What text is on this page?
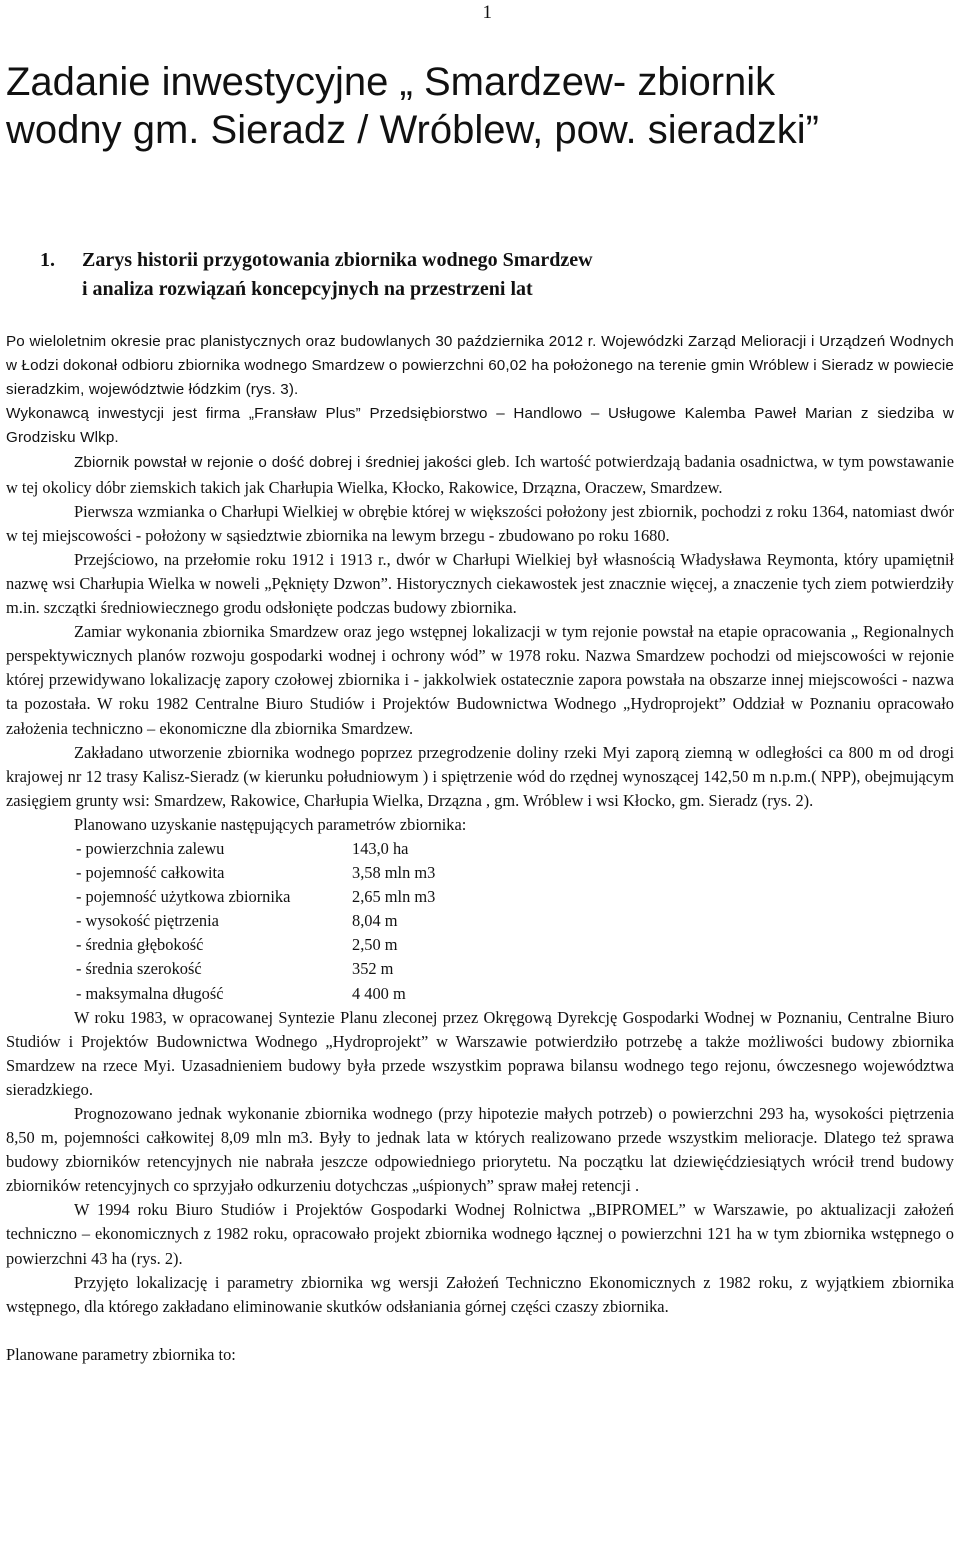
1
Zadanie inwestycyjne „ Smardzew- zbiornik
wodny gm. Sieradz / Wróblew, pow. sieradzki”
1. Zarys historii przygotowania zbiornika wodnego Smardzew
i analiza rozwiązań koncepcyjnych na przestrzeni lat

Po wieloletnim okresie prac planistycznych oraz budowlanych 30 października 2012 r. Wojewódzki Zarząd Melioracji i Urządzeń Wodnych w Łodzi dokonał odbioru zbiornika wodnego Smardzew o powierzchni 60,02 ha położonego na terenie gmin Wróblew i Sieradz w powiecie sieradzkim, województwie łódzkim (rys. 3).

Wykonawcą inwestycji jest firma „Fransław Plus” Przedsiębiorstwo – Handlowo – Usługowe Kalemba Paweł Marian z siedziba w Grodzisku Wlkp.

Zbiornik powstał w rejonie o dość dobrej i średniej jakości gleb. Ich wartość potwierdzają badania osadnictwa, w tym powstawanie w tej okolicy dóbr ziemskich takich jak Charłupia Wielka, Kłocko, Rakowice, Drzązna, Oraczew, Smardzew.

Pierwsza wzmianka o Charłupi Wielkiej w obrębie której w większości położony jest zbiornik, pochodzi z roku 1364, natomiast dwór w tej miejscowości - położony w sąsiedztwie zbiornika na lewym brzegu - zbudowano po roku 1680.

Przejściowo, na przełomie roku 1912 i 1913 r., dwór w Charłupi Wielkiej był własnością Władysława Reymonta, który upamiętnił nazwę wsi Charłupia Wielka w noweli „Pęknięty Dzwon”. Historycznych ciekawostek jest znacznie więcej, a znaczenie tych ziem potwierdziły m.in. szczątki średniowiecznego grodu odsłonięte podczas budowy zbiornika.

Zamiar wykonania zbiornika Smardzew oraz jego wstępnej lokalizacji w tym rejonie powstał na etapie opracowania „ Regionalnych perspektywicznych planów rozwoju gospodarki wodnej i ochrony wód” w 1978 roku. Nazwa Smardzew pochodzi od miejscowości w rejonie której przewidywano lokalizację zapory czołowej zbiornika i - jakkolwiek ostatecznie zapora powstała na obszarze innej miejscowości - nazwa ta pozostała. W roku 1982 Centralne Biuro Studiów i Projektów Budownictwa Wodnego „Hydroprojekt” Oddział w Poznaniu opracowało założenia techniczno – ekonomiczne dla zbiornika Smardzew.

Zakładano utworzenie zbiornika wodnego poprzez przegrodzenie doliny rzeki Myi zaporą ziemną w odległości ca 800 m od drogi krajowej nr 12 trasy Kalisz-Sieradz (w kierunku południowym ) i spiętrzenie wód do rzędnej wynoszącej 142,50 m n.p.m.( NPP), obejmującym zasięgiem grunty wsi: Smardzew, Rakowice, Charłupia Wielka, Drzązna , gm. Wróblew i wsi Kłocko, gm. Sieradz (rys. 2).

Planowano uzyskanie następujących parametrów zbiornika:

- powierzchnia zalewu	143,0 ha
- pojemność całkowita	3,58 mln m3
- pojemność użytkowa zbiornika	2,65 mln m3
- wysokość piętrzenia	8,04 m
- średnia głębokość	2,50 m
- średnia szerokość	352 m
- maksymalna długość	4 400 m

W roku 1983, w opracowanej Syntezie Planu zleconej przez Okręgową Dyrekcję Gospodarki Wodnej w Poznaniu, Centralne Biuro Studiów i Projektów Budownictwa Wodnego „Hydroprojekt” w Warszawie potwierdziło potrzebę a także możliwości budowy zbiornika Smardzew na rzece Myi. Uzasadnieniem budowy była przede wszystkim poprawa bilansu wodnego tego rejonu, ówczesnego województwa sieradzkiego.

Prognozowano jednak wykonanie zbiornika wodnego (przy hipotezie małych potrzeb) o powierzchni 293 ha, wysokości piętrzenia 8,50 m, pojemności całkowitej 8,09 mln m3. Były to jednak lata w których realizowano przede wszystkim melioracje. Dlatego też sprawa budowy zbiorników retencyjnych nie nabrała jeszcze odpowiedniego priorytetu. Na początku lat dziewięćdziesiątych wrócił trend budowy zbiorników retencyjnych co sprzyjało odkurzeniu dotychczas „uśpionych” spraw małej retencji .

W 1994 roku Biuro Studiów i Projektów Gospodarki Wodnej Rolnictwa „BIPROMEL” w Warszawie, po aktualizacji założeń techniczno – ekonomicznych z 1982 roku, opracowało projekt zbiornika wodnego łącznej o powierzchni 121 ha w tym zbiornika wstępnego o powierzchni 43 ha (rys. 2).

Przyjęto lokalizację i parametry zbiornika wg wersji Założeń Techniczno Ekonomicznych z 1982 roku, z wyjątkiem zbiornika wstępnego, dla którego zakładano eliminowanie skutków odsłaniania górnej części czaszy zbiornika.

Planowane parametry zbiornika to:
